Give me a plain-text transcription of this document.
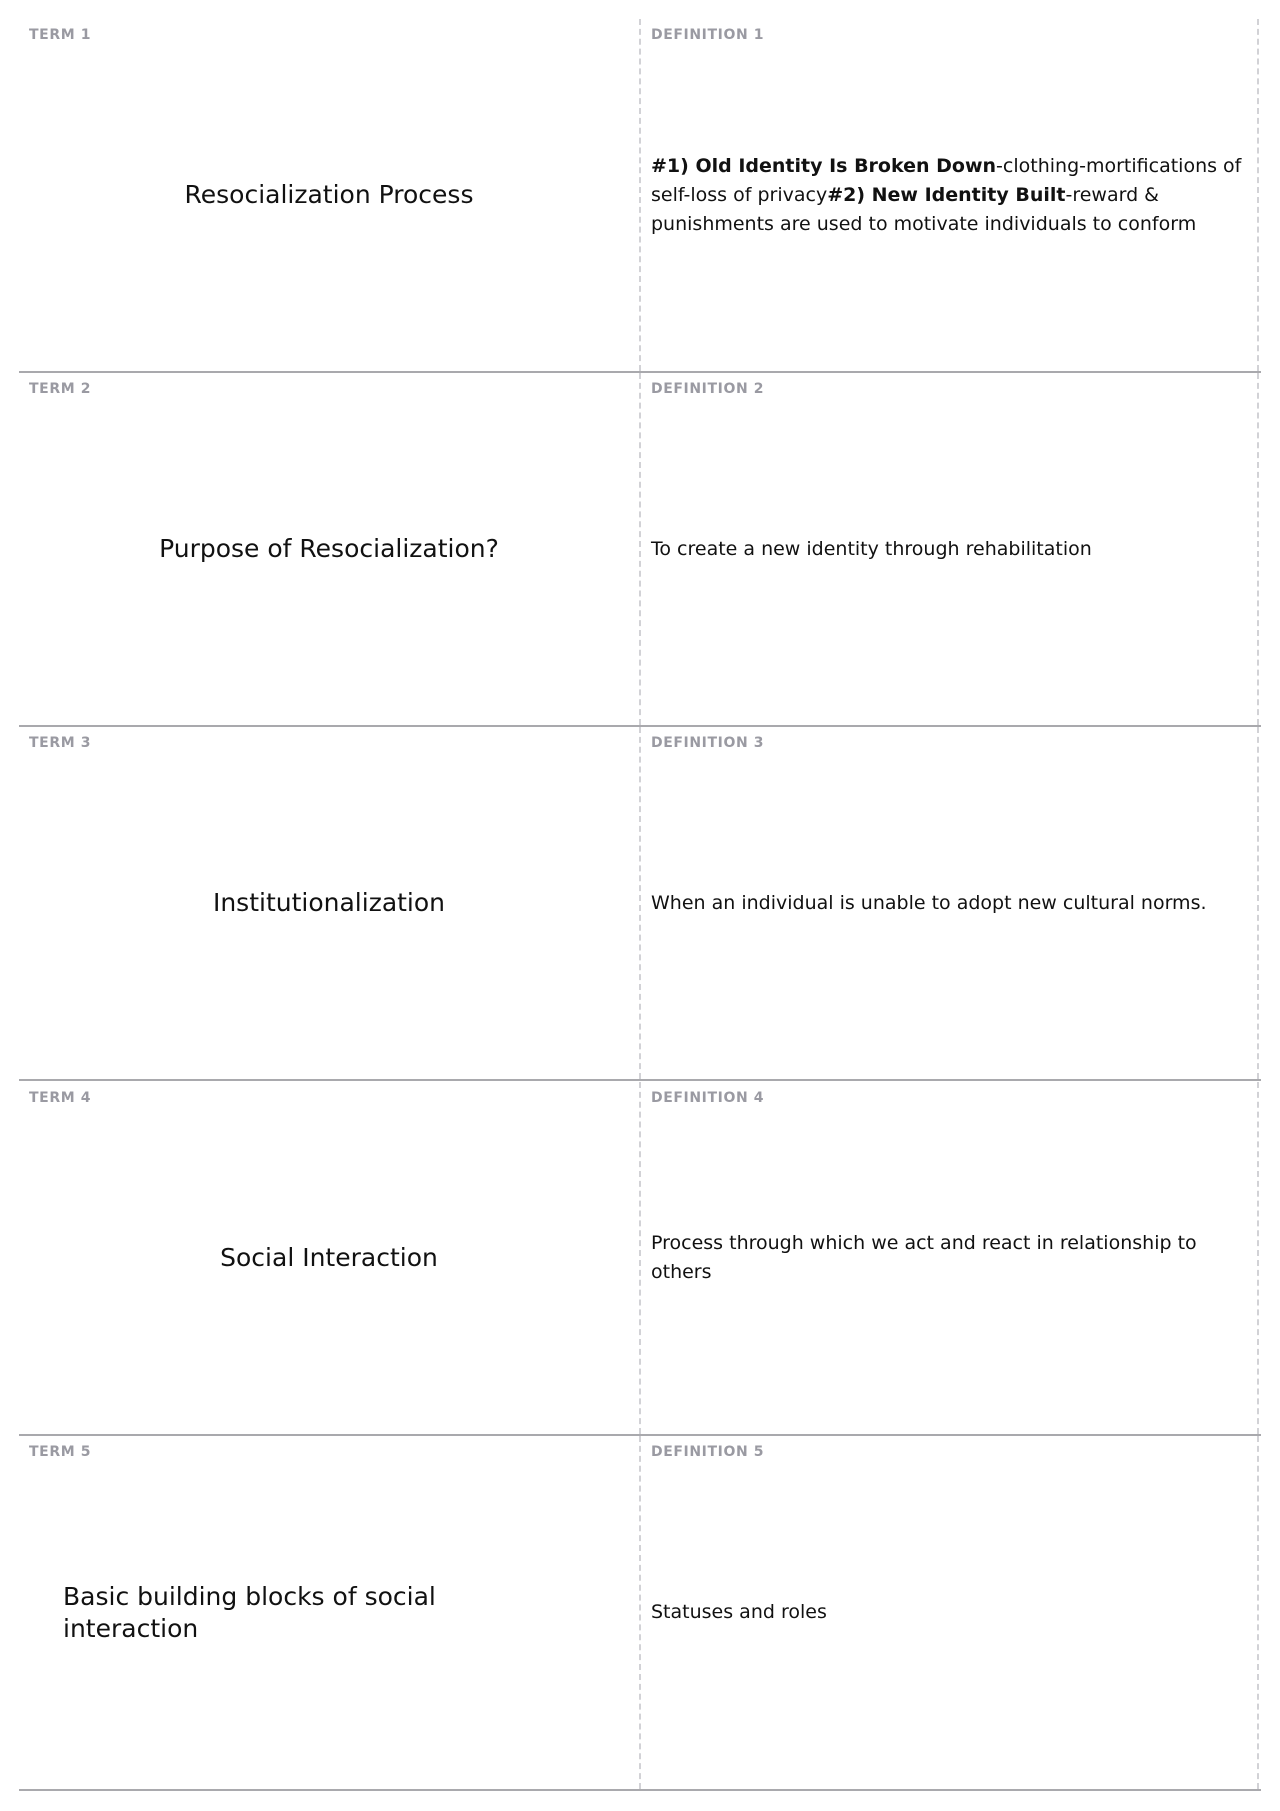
TERM 1
Resocialization Process
DEFINITION 1
#1) Old Identity Is Broken Down-clothing-mortifications of self-loss of privacy#2) New Identity Built-reward & punishments are used to motivate individuals to conform
TERM 2
Purpose of Resocialization?
DEFINITION 2
To create a new identity through rehabilitation
TERM 3
Institutionalization
DEFINITION 3
When an individual is unable to adopt new cultural norms.
TERM 4
Social Interaction
DEFINITION 4
Process through which we act and react in relationship to others
TERM 5
Basic building blocks of social interaction
DEFINITION 5
Statuses and roles
